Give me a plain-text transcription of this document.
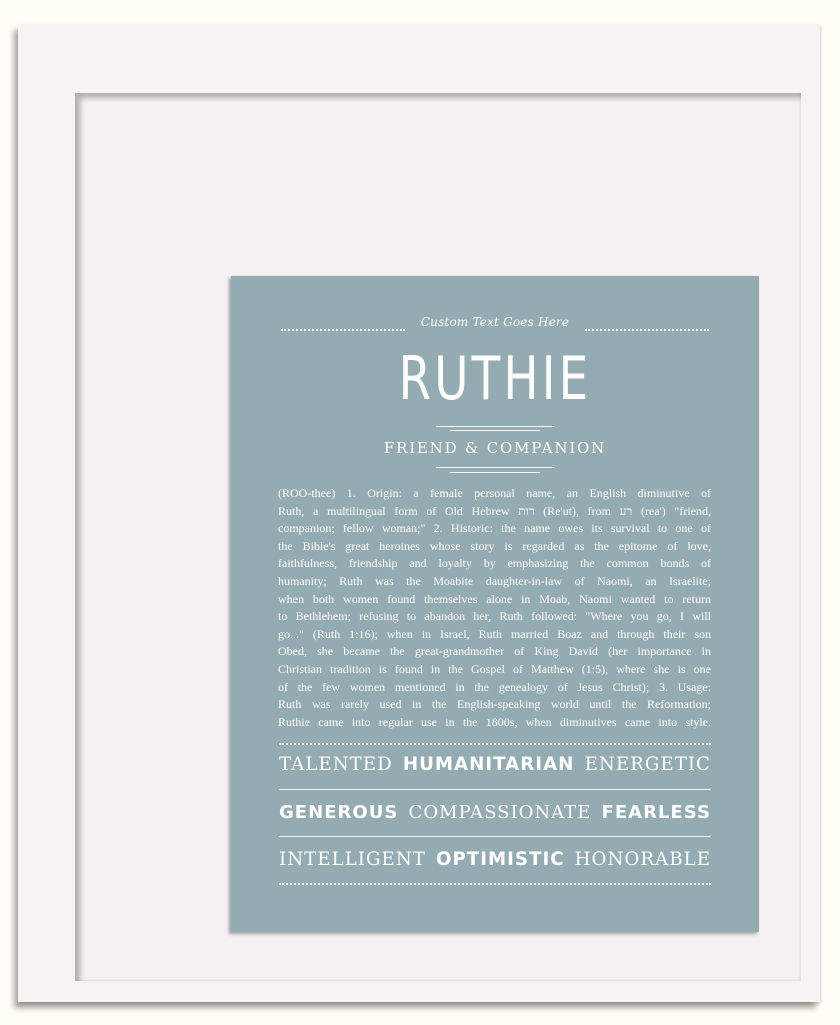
Custom Text Goes Here
RUTHIE
FRIEND & COMPANION
(ROO-thee) 1. Origin: a female personal name, an English diminutive of
Ruth, a multilingual form of Old Hebrew רות (Re'ut), from רע (rea') "friend,
companion; fellow woman;" 2. Historic: the name owes its survival to one of
the Bible's great heroines whose story is regarded as the epitome of love,
faithfulness, friendship and loyalty by emphasizing the common bonds of
humanity; Ruth was the Moabite daughter-in-law of Naomi, an Israelite;
when both women found themselves alone in Moab, Naomi wanted to return
to Bethlehem; refusing to abandon her, Ruth followed: "Where you go, I will
go..." (Ruth 1:16); when in Israel, Ruth married Boaz and through their son
Obed, she became the great-grandmother of King David (her importance in
Christian tradition is found in the Gospel of Matthew (1:5), where she is one
of the few women mentioned in the genealogy of Jesus Christ); 3. Usage:
Ruth was rarely used in the English-speaking world until the Reformation;
Ruthie came into regular use in the 1800s, when diminutives came into style.
TALENTED HUMANITARIAN ENERGETIC
GENEROUS COMPASSIONATE FEARLESS
INTELLIGENT OPTIMISTIC HONORABLE
